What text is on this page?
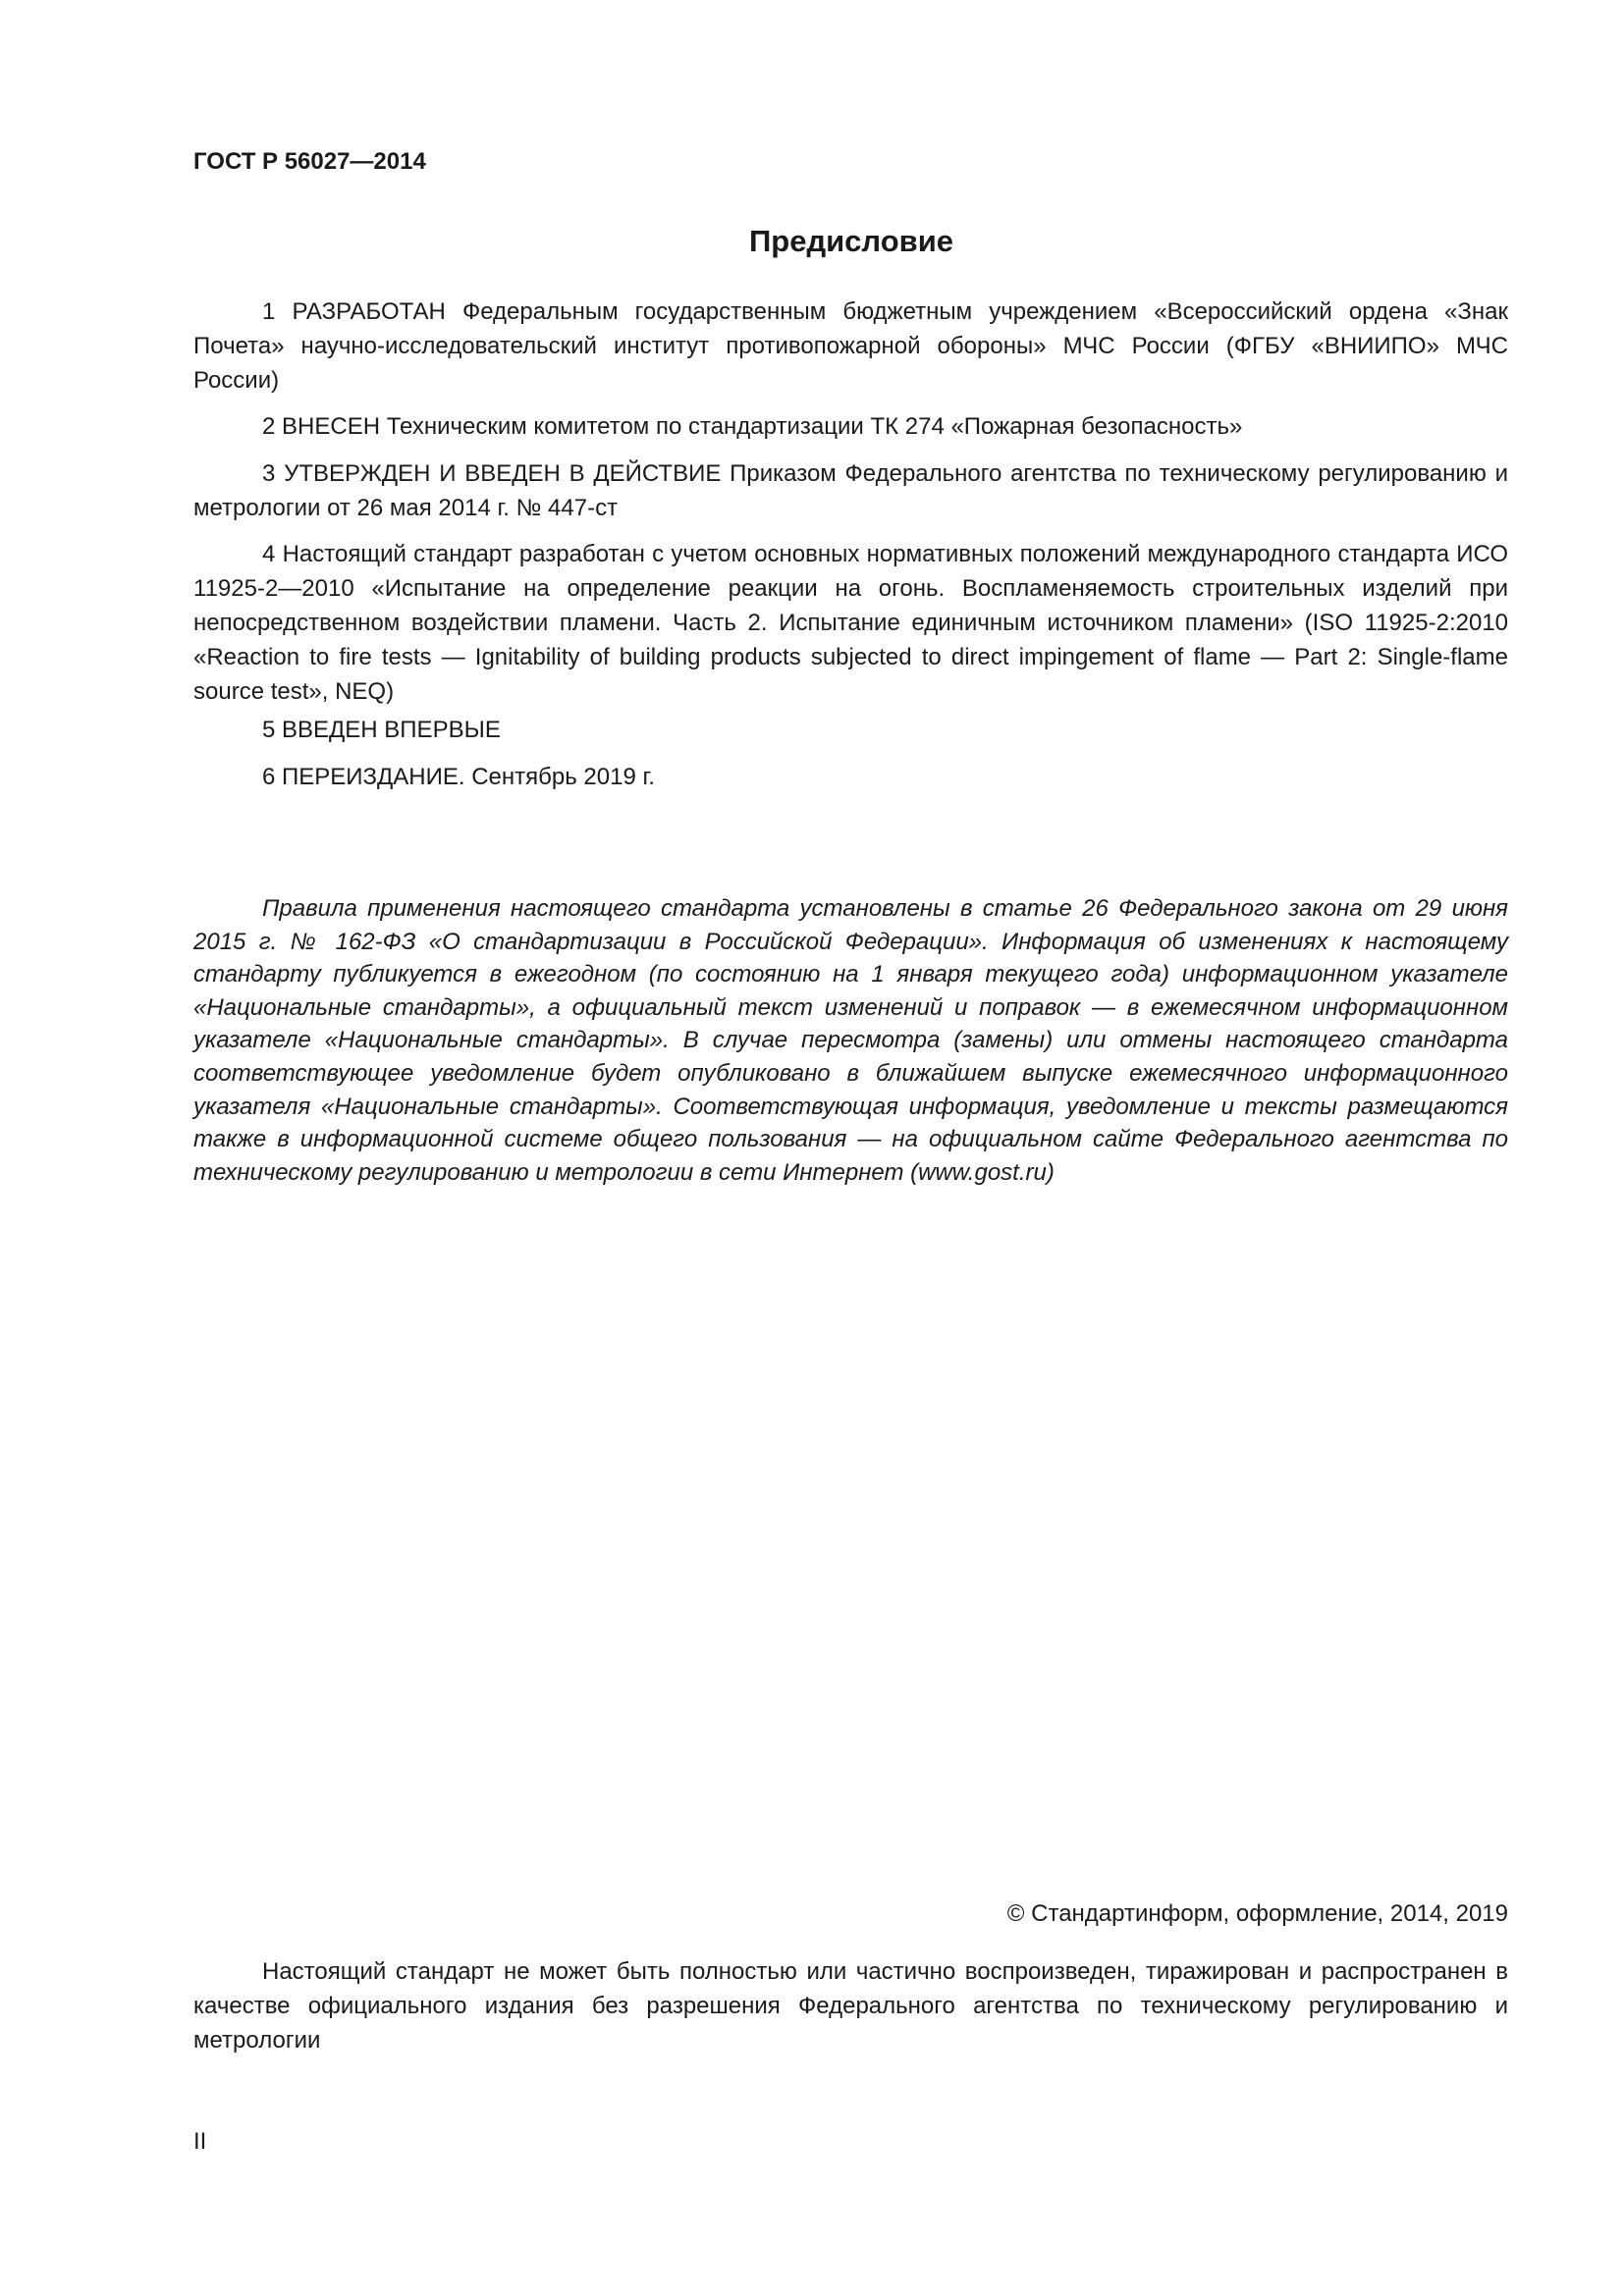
ГОСТ Р 56027—2014
Предисловие

1 РАЗРАБОТАН Федеральным государственным бюджетным учреждением «Всероссийский ордена «Знак Почета» научно-исследовательский институт противопожарной обороны» МЧС России (ФГБУ «ВНИИПО» МЧС России)

2 ВНЕСЕН Техническим комитетом по стандартизации ТК 274 «Пожарная безопасность»

3 УТВЕРЖДЕН И ВВЕДЕН В ДЕЙСТВИЕ Приказом Федерального агентства по техническому регулированию и метрологии от 26 мая 2014 г. № 447-ст

4 Настоящий стандарт разработан с учетом основных нормативных положений международного стандарта ИСО 11925-2—2010 «Испытание на определение реакции на огонь. Воспламеняемость строительных изделий при непосредственном воздействии пламени. Часть 2. Испытание единичным источником пламени» (ISO 11925-2:2010 «Reaction to fire tests — Ignitability of building products subjected to direct impingement of flame — Part 2: Single-flame source test», NEQ)

5 ВВЕДЕН ВПЕРВЫЕ

6 ПЕРЕИЗДАНИЕ. Сентябрь 2019 г.

Правила применения настоящего стандарта установлены в статье 26 Федерального закона от 29 июня 2015 г. № 162-ФЗ «О стандартизации в Российской Федерации». Информация об изменениях к настоящему стандарту публикуется в ежегодном (по состоянию на 1 января текущего года) информационном указателе «Национальные стандарты», а официальный текст изменений и поправок — в ежемесячном информационном указателе «Национальные стандарты». В случае пересмотра (замены) или отмены настоящего стандарта соответствующее уведомление будет опубликовано в ближайшем выпуске ежемесячного информационного указателя «Национальные стандарты». Соответствующая информация, уведомление и тексты размещаются также в информационной системе общего пользования — на официальном сайте Федерального агентства по техническому регулированию и метрологии в сети Интернет (www.gost.ru)

© Стандартинформ, оформление, 2014, 2019

Настоящий стандарт не может быть полностью или частично воспроизведен, тиражирован и распространен в качестве официального издания без разрешения Федерального агентства по техническому регулированию и метрологии

II
